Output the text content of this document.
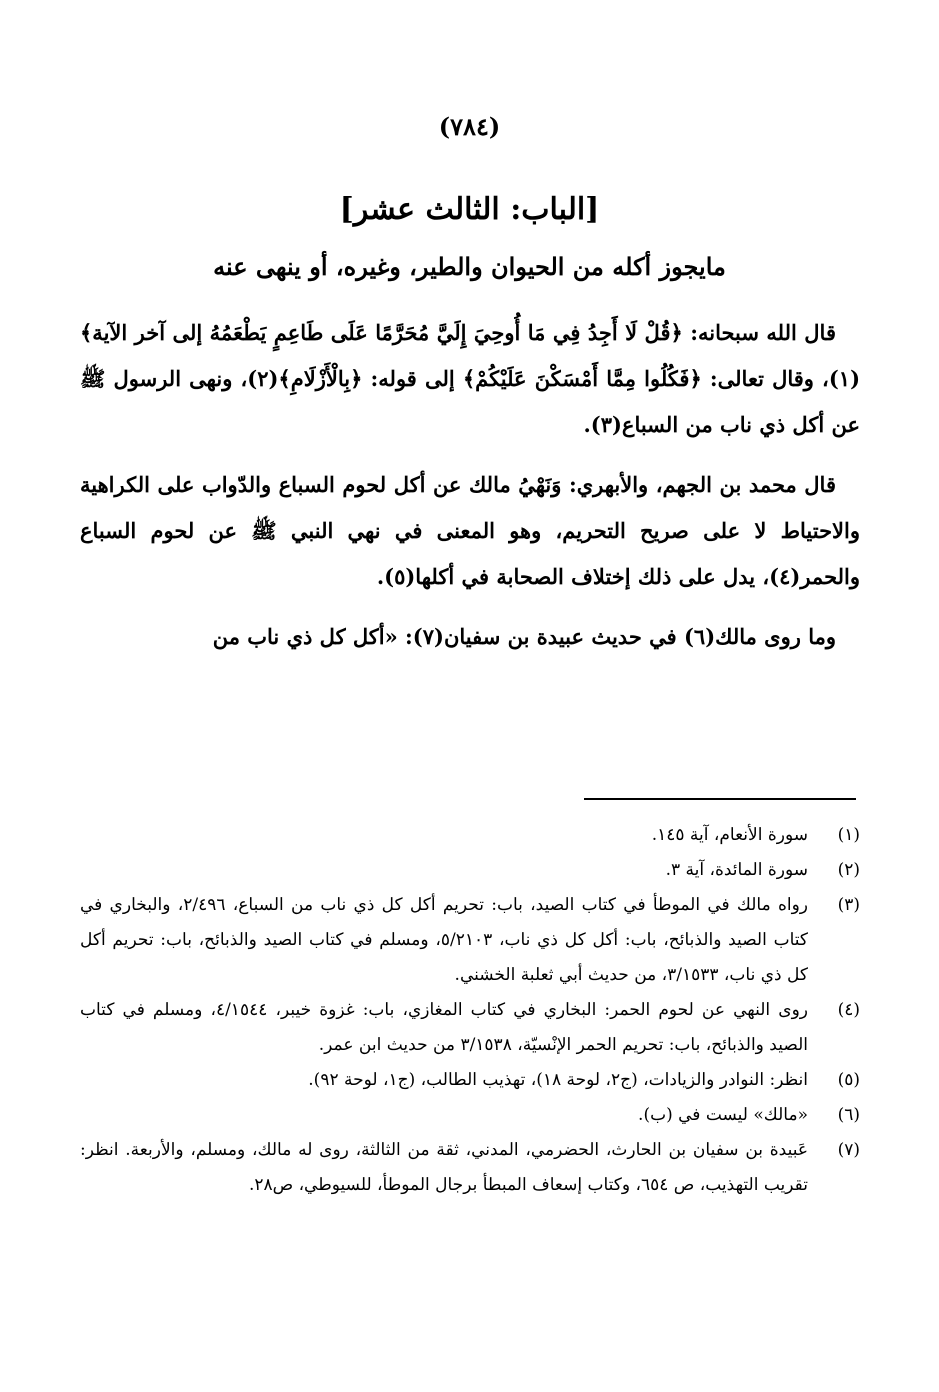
(٧٨٤)
[الباب: الثالث عشر]
مايجوز أكله من الحيوان والطير، وغيره، أو ينهى عنه

قال الله سبحانه: ﴿قُلْ لَا أَجِدُ فِي مَا أُوحِيَ إِلَيَّ مُحَرَّمًا عَلَى طَاعِمٍ يَطْعَمُهُ إلى آخر الآية﴾(١)، وقال تعالى: ﴿فَكُلُوا مِمَّا أَمْسَكْنَ عَلَيْكُمْ﴾ إلى قوله: ﴿بِالْأَزْلَامِ﴾(٢)، ونهى الرسول ﷺ عن أكل ذي ناب من السباع(٣).

قال محمد بن الجهم، والأبهري: وَنَهْيُ مالك عن أكل لحوم السباع والدّواب على الكراهية والاحتياط لا على صريح التحريم، وهو المعنى في نهي النبي ﷺ عن لحوم السباع والحمر(٤)، يدل على ذلك إختلاف الصحابة في أكلها(٥).

وما روى مالك(٦) في حديث عبيدة بن سفيان(٧): «أكل كل ذي ناب من

(١)
سورة الأنعام، آية ١٤٥.
(٢)
سورة المائدة، آية ٣.
(٣)
رواه مالك في الموطأ في كتاب الصيد، باب: تحريم أكل كل ذي ناب من السباع، ٢/٤٩٦، والبخاري في كتاب الصيد والذبائح، باب: أكل كل ذي ناب، ٥/٢١٠٣، ومسلم في كتاب الصيد والذبائح، باب: تحريم أكل كل ذي ناب، ٣/١٥٣٣، من حديث أبي ثعلبة الخشني.
(٤)
روى النهي عن لحوم الحمر: البخاري في كتاب المغازي، باب: غزوة خيبر، ٤/١٥٤٤، ومسلم في كتاب الصيد والذبائح، باب: تحريم الحمر الإنْسيّة، ٣/١٥٣٨ من حديث ابن عمر.
(٥)
انظر: النوادر والزيادات، (ج٢، لوحة ١٨)، تهذيب الطالب، (ج١، لوحة ٩٢).
(٦)
«مالك» ليست في (ب).
(٧)
عَبيدة بن سفيان بن الحارث، الحضرمي، المدني، ثقة من الثالثة، روى له مالك، ومسلم، والأربعة. انظر: تقريب التهذيب، ص ٦٥٤، وكتاب إسعاف المبطأ برجال الموطأ، للسيوطي، ص٢٨.
